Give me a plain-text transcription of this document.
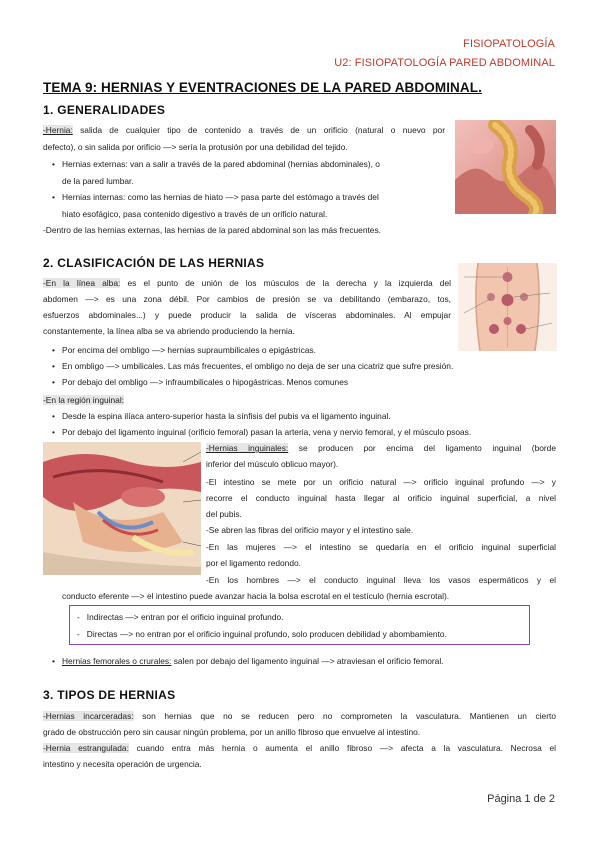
FISIOPATOLOGÍA
U2: FISIOPATOLOGÍA PARED ABDOMINAL
TEMA 9: HERNIAS Y EVENTRACIONES DE LA PARED ABDOMINAL.
1. GENERALIDADES
-Hernia: salida de cualquier tipo de contenido a través de un orificio (natural o nuevo por
defecto), o sin salida por orificio —> sería la protusión por una debilidad del tejido.
• Hernias externas: van a salir a través de la pared abdominal (hernias abdominales), o
de la pared lumbar.
• Hernias internas: como las hernias de hiato —> pasa parte del estómago a través del
hiato esofágico, pasa contenido digestivo a través de un orificio natural.
-Dentro de las hernias externas, las hernias de la pared abdominal son las más frecuentes.
2. CLASIFICACIÓN DE LAS HERNIAS
-En la línea alba: es el punto de unión de los músculos de la derecha y la izquierda del
abdomen —> es una zona débil. Por cambios de presión se va debilitando (embarazo, tos,
esfuerzos abdominales...) y puede producir la salida de vísceras abdominales. Al empujar
constantemente, la línea alba se va abriendo produciendo la hernia.
• Por encima del ombligo —> hernias supraumbilicales o epigástricas.
• En ombligo —> umbilicales. Las más frecuentes, el ombligo no deja de ser una cicatriz que sufre presión.
• Por debajo del ombligo —> infraumbilicales o hipogástricas. Menos comunes
-En la región inguinal:
• Desde la espina ilíaca antero-superior hasta la sínfisis del pubis va el ligamento inguinal.
• Por debajo del ligamento inguinal (orificio femoral) pasan la arteria, vena y nervio femoral, y el músculo psoas.
-Hernias inguinales: se producen por encima del ligamento inguinal (borde
inferior del músculo oblicuo mayor).
-El intestino se mete por un orificio natural —> orificio inguinal profundo —> y
recorre el conducto inguinal hasta llegar al orificio inguinal superficial, a nivel
del pubis.
-Se abren las fibras del orificio mayor y el intestino sale.
-En las mujeres —> el intestino se quedaría en el orificio inguinal superficial
por el ligamento redondo.
-En los hombres —> el conducto inguinal lleva los vasos espermáticos y el
conducto eferente —> el intestino puede avanzar hacia la bolsa escrotal en el testículo (hernia escrotal).
-   Indirectas —> entran por el orificio inguinal profundo.
-   Directas —> no entran por el orificio inguinal profundo, solo producen debilidad y abombamiento.
• Hernias femorales o crurales: salen por debajo del ligamento inguinal —> atraviesan el orificio femoral.
3. TIPOS DE HERNIAS
-Hernias incarceradas: son hernias que no se reducen pero no comprometen la vasculatura. Mantienen un cierto
grado de obstrucción pero sin causar ningún problema, por un anillo fibroso que envuelve al intestino.
-Hernia estrangulada: cuando entra más hernia o aumenta el anillo fibroso —> afecta a la vasculatura. Necrosa el
intestino y necesita operación de urgencia.
Página 1 de 2
